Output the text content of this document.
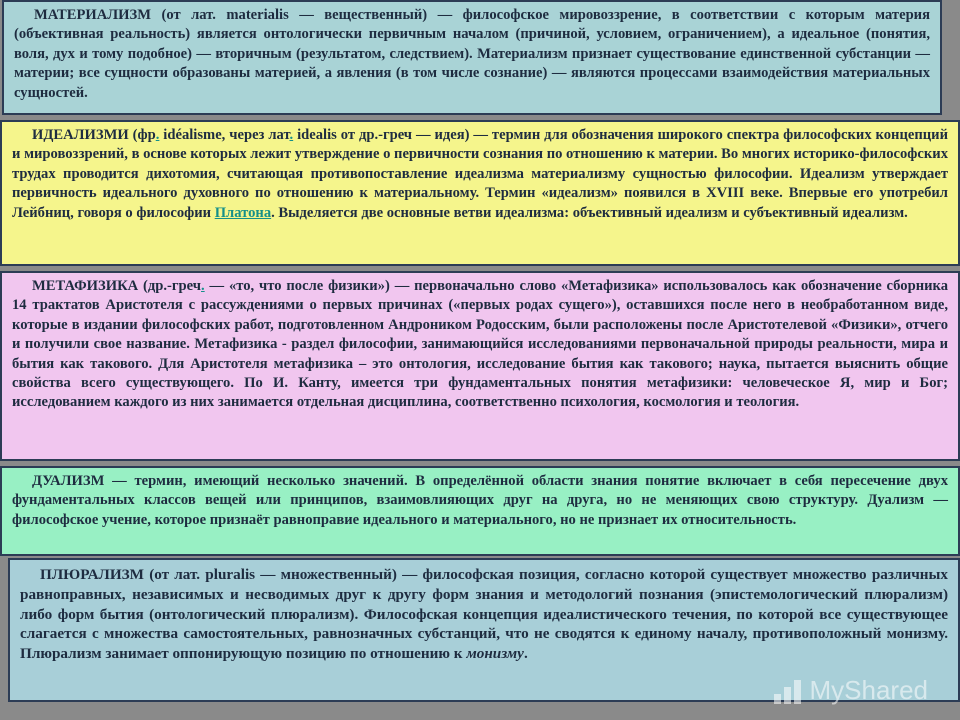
МАТЕРИАЛИЗМ (от лат. materialis — вещественный) — философское мировоззрение, в соответствии с которым материя (объективная реальность) является онтологически первичным началом (причиной, условием, ограничением), а идеальное (понятия, воля, дух и тому подобное) — вторичным (результатом, следствием). Материализм признает существование единственной субстанции — материи; все сущности образованы материей, а явления (в том числе сознание) — являются процессами взаимодействия материальных сущностей.

ИДЕАЛИЗМИ (фр. idéalisme, через лат. idealis от др.-греч — идея) — термин для обозначения широкого спектра философских концепций и мировоззрений, в основе которых лежит утверждение о первичности сознания по отношению к материи. Во многих историко-философских трудах проводится дихотомия, считающая противопоставление идеализма материализму сущностью философии. Идеализм утверждает первичность идеального духовного по отношению к материальному. Термин «идеализм» появился в XVIII веке. Впервые его употребил Лейбниц, говоря о философии Платона. Выделяется две основные ветви идеализма: объективный идеализм и субъективный идеализм.

МЕТАФИЗИКА (др.-греч. — «то, что после физики») — первоначально слово «Метафизика» использовалось как обозначение сборника 14 трактатов Аристотеля с рассуждениями о первых причинах («первых родах сущего»), оставшихся после него в необработанном виде, которые в издании философских работ, подготовленном Андроником Родосским, были расположены после Аристотелевой «Физики», отчего и получили свое название. Метафизика - раздел философии, занимающийся исследованиями первоначальной природы реальности, мира и бытия как такового. Для Аристотеля метафизика – это онтология, исследование бытия как такового; наука, пытается выяснить общие свойства всего существующего. По И. Канту, имеется три фундаментальных понятия метафизики: человеческое Я, мир и Бог; исследованием каждого из них занимается отдельная дисциплина, соответственно психология, космология и теология.

ДУАЛИЗМ — термин, имеющий несколько значений. В определённой области знания понятие включает в себя пересечение двух фундаментальных классов вещей или принципов, взаимовлияющих друг на друга, но не меняющих свою структуру. Дуализм — философское учение, которое признаёт равноправие идеального и материального, но не признает их относительность.

ПЛЮРАЛИЗМ (от лат. pluralis — множественный) — философская позиция, согласно которой существует множество различных равноправных, независимых и несводимых друг к другу форм знания и методологий познания (эпистемологический плюрализм) либо форм бытия (онтологический плюрализм). Философская концепция идеалистического течения, по которой все существующее слагается с множества самостоятельных, равнозначных субстанций, что не сводятся к единому началу, противоположный монизму. Плюрализм занимает оппонирующую позицию по отношению к монизму.

MyShared
